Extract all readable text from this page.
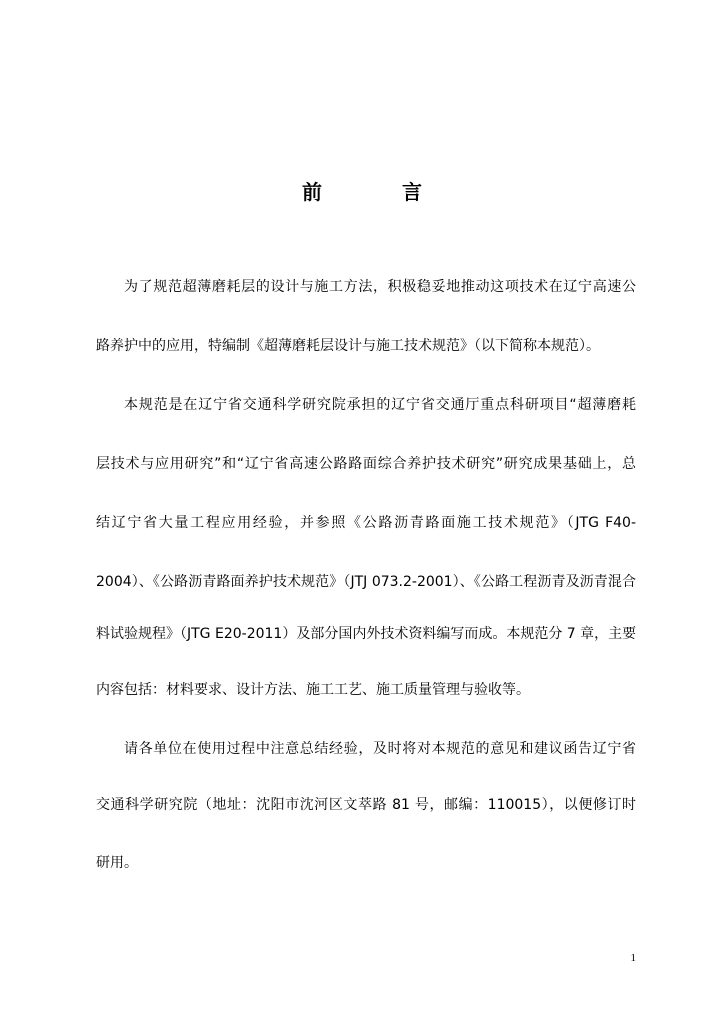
前　言
为了规范超薄磨耗层的设计与施工方法，积极稳妥地推动这项技术在辽宁高速公
路养护中的应用，特编制《超薄磨耗层设计与施工技术规范》（以下简称本规范）。
本规范是在辽宁省交通科学研究院承担的辽宁省交通厅重点科研项目“超薄磨耗
层技术与应用研究”和“辽宁省高速公路路面综合养护技术研究”研究成果基础上，总
结辽宁省大量工程应用经验，并参照《公路沥青路面施工技术规范》（JTG F40-
2004）、《公路沥青路面养护技术规范》（JTJ 073.2-2001）、《公路工程沥青及沥青混合
料试验规程》（JTG E20-2011）及部分国内外技术资料编写而成。本规范分 7 章，主要
内容包括：材料要求、设计方法、施工工艺、施工质量管理与验收等。
请各单位在使用过程中注意总结经验，及时将对本规范的意见和建议函告辽宁省
交通科学研究院（地址：沈阳市沈河区文萃路 81 号，邮编：110015），以便修订时
研用。
1
